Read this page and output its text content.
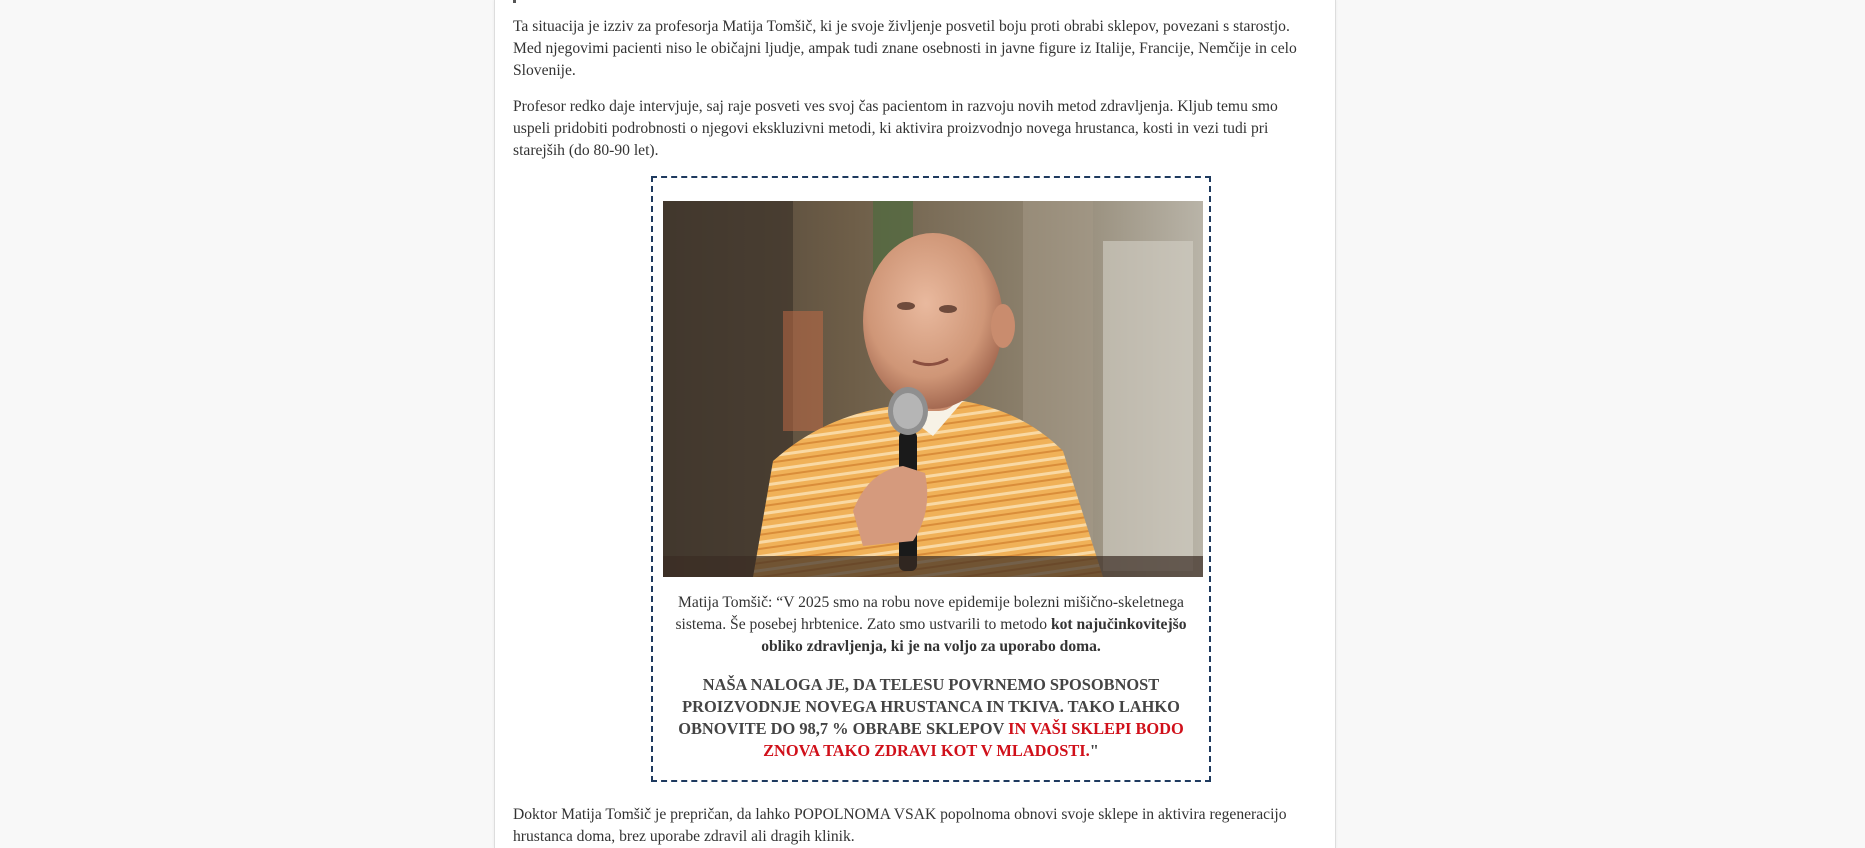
Ta situacija je izziv za profesorja Matija Tomšič, ki je svoje življenje posvetil boju proti obrabi sklepov, povezani s starostjo. Med njegovimi pacienti niso le običajni ljudje, ampak tudi znane osebnosti in javne figure iz Italije, Francije, Nemčije in celo Slovenije.

Profesor redko daje intervjuje, saj raje posveti ves svoj čas pacientom in razvoju novih metod zdravljenja. Kljub temu smo uspeli pridobiti podrobnosti o njegovi ekskluzivni metodi, ki aktivira proizvodnjo novega hrustanca, kosti in vezi tudi pri starejših (do 80-90 let).

Matija Tomšič: “V 2025 smo na robu nove epidemije bolezni mišično-skeletnega sistema. Še posebej hrbtenice. Zato smo ustvarili to metodo kot najučinkovitejšo obliko zdravljenja, ki je na voljo za uporabo doma.
NAŠA NALOGA JE, DA TELESU POVRNEMO SPOSOBNOST PROIZVODNJE NOVEGA HRUSTANCA IN TKIVA. TAKO LAHKO OBNOVITE DO 98,7 % OBRABE SKLEPOV IN VAŠI SKLEPI BODO ZNOVA TAKO ZDRAVI KOT V MLADOSTI."

Doktor Matija Tomšič je prepričan, da lahko POPOLNOMA VSAK popolnoma obnovi svoje sklepe in aktivira regeneracijo hrustanca doma, brez uporabe zdravil ali dragih klinik.
